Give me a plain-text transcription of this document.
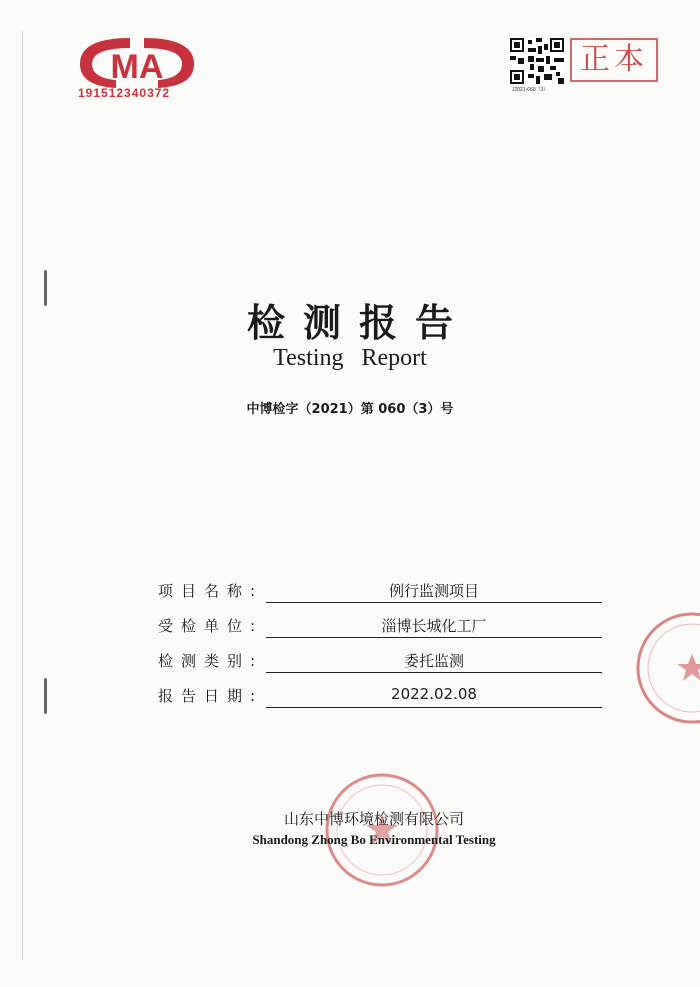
MA
191512340372	J2021-060（3）
正本
检测报告
Testing Report
中博检字（2021）第 060（3）号
项目名称:	例行监测项目
受检单位:	淄博长城化工厂
检测类别:	委托监测
报告日期:	2022.02.08
山东中博环境检测有限公司
Shandong Zhong Bo Environmental Testing
